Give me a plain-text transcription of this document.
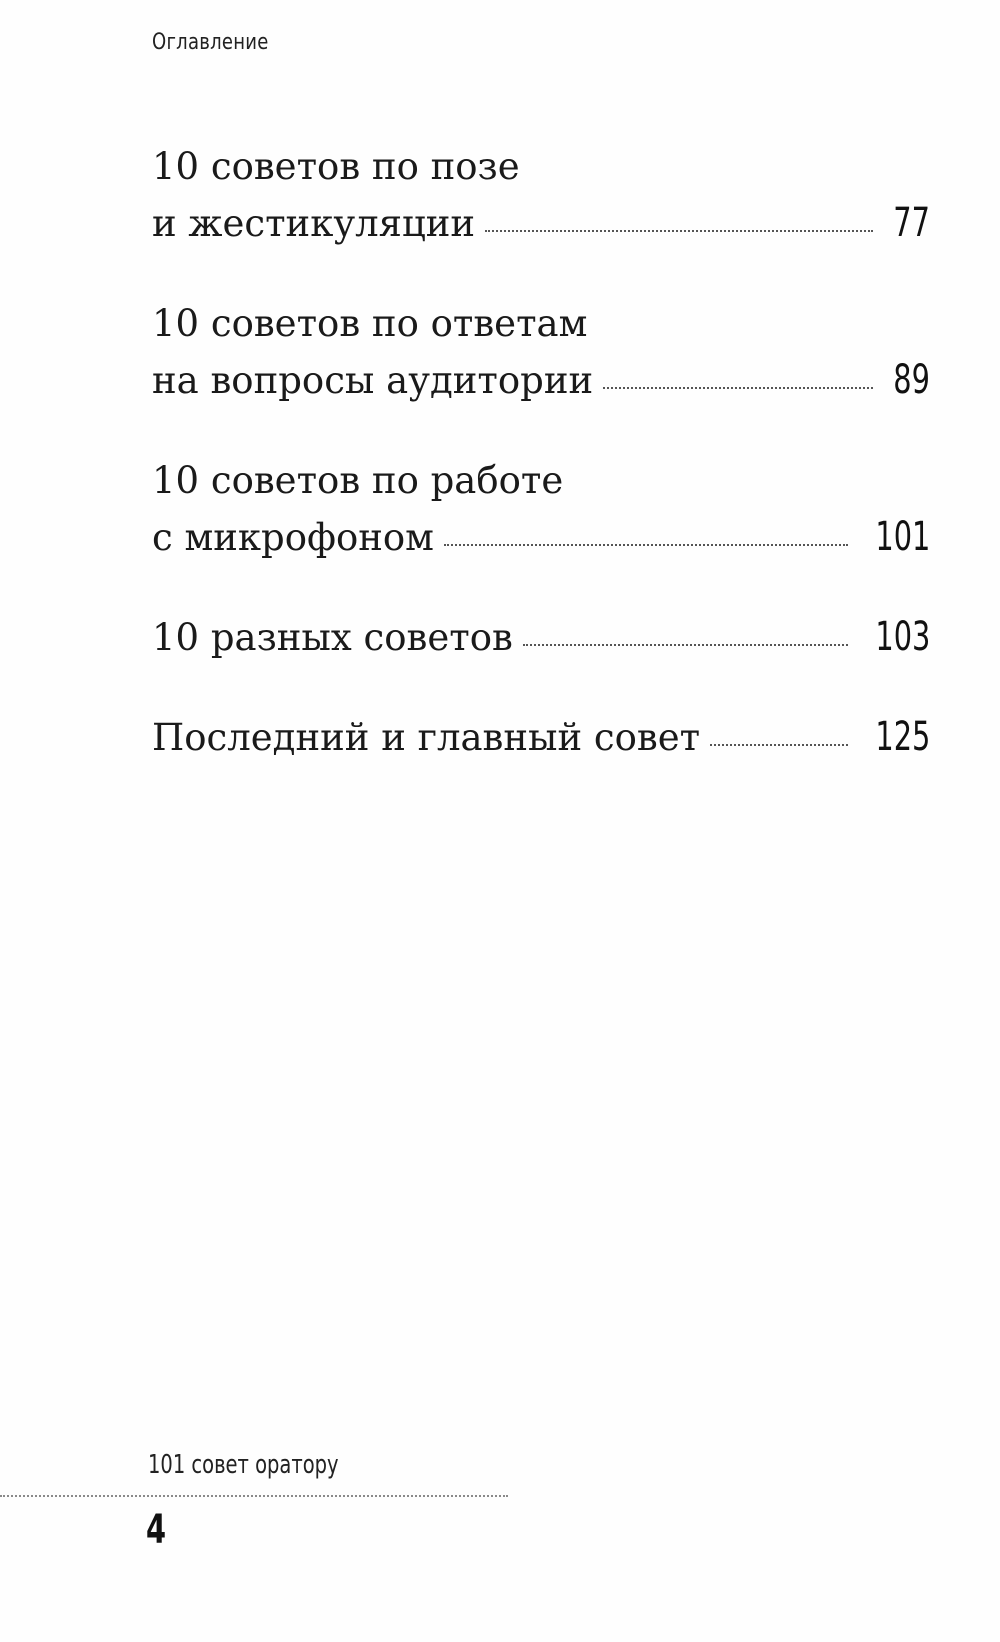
Оглавление
10 советов по позе
и жестикуляции	77
10 советов по ответам
на вопросы аудитории	89
10 советов по работе
с микрофоном	101
10 разных советов	103
Последний и главный совет	125
101 совет оратору
4
